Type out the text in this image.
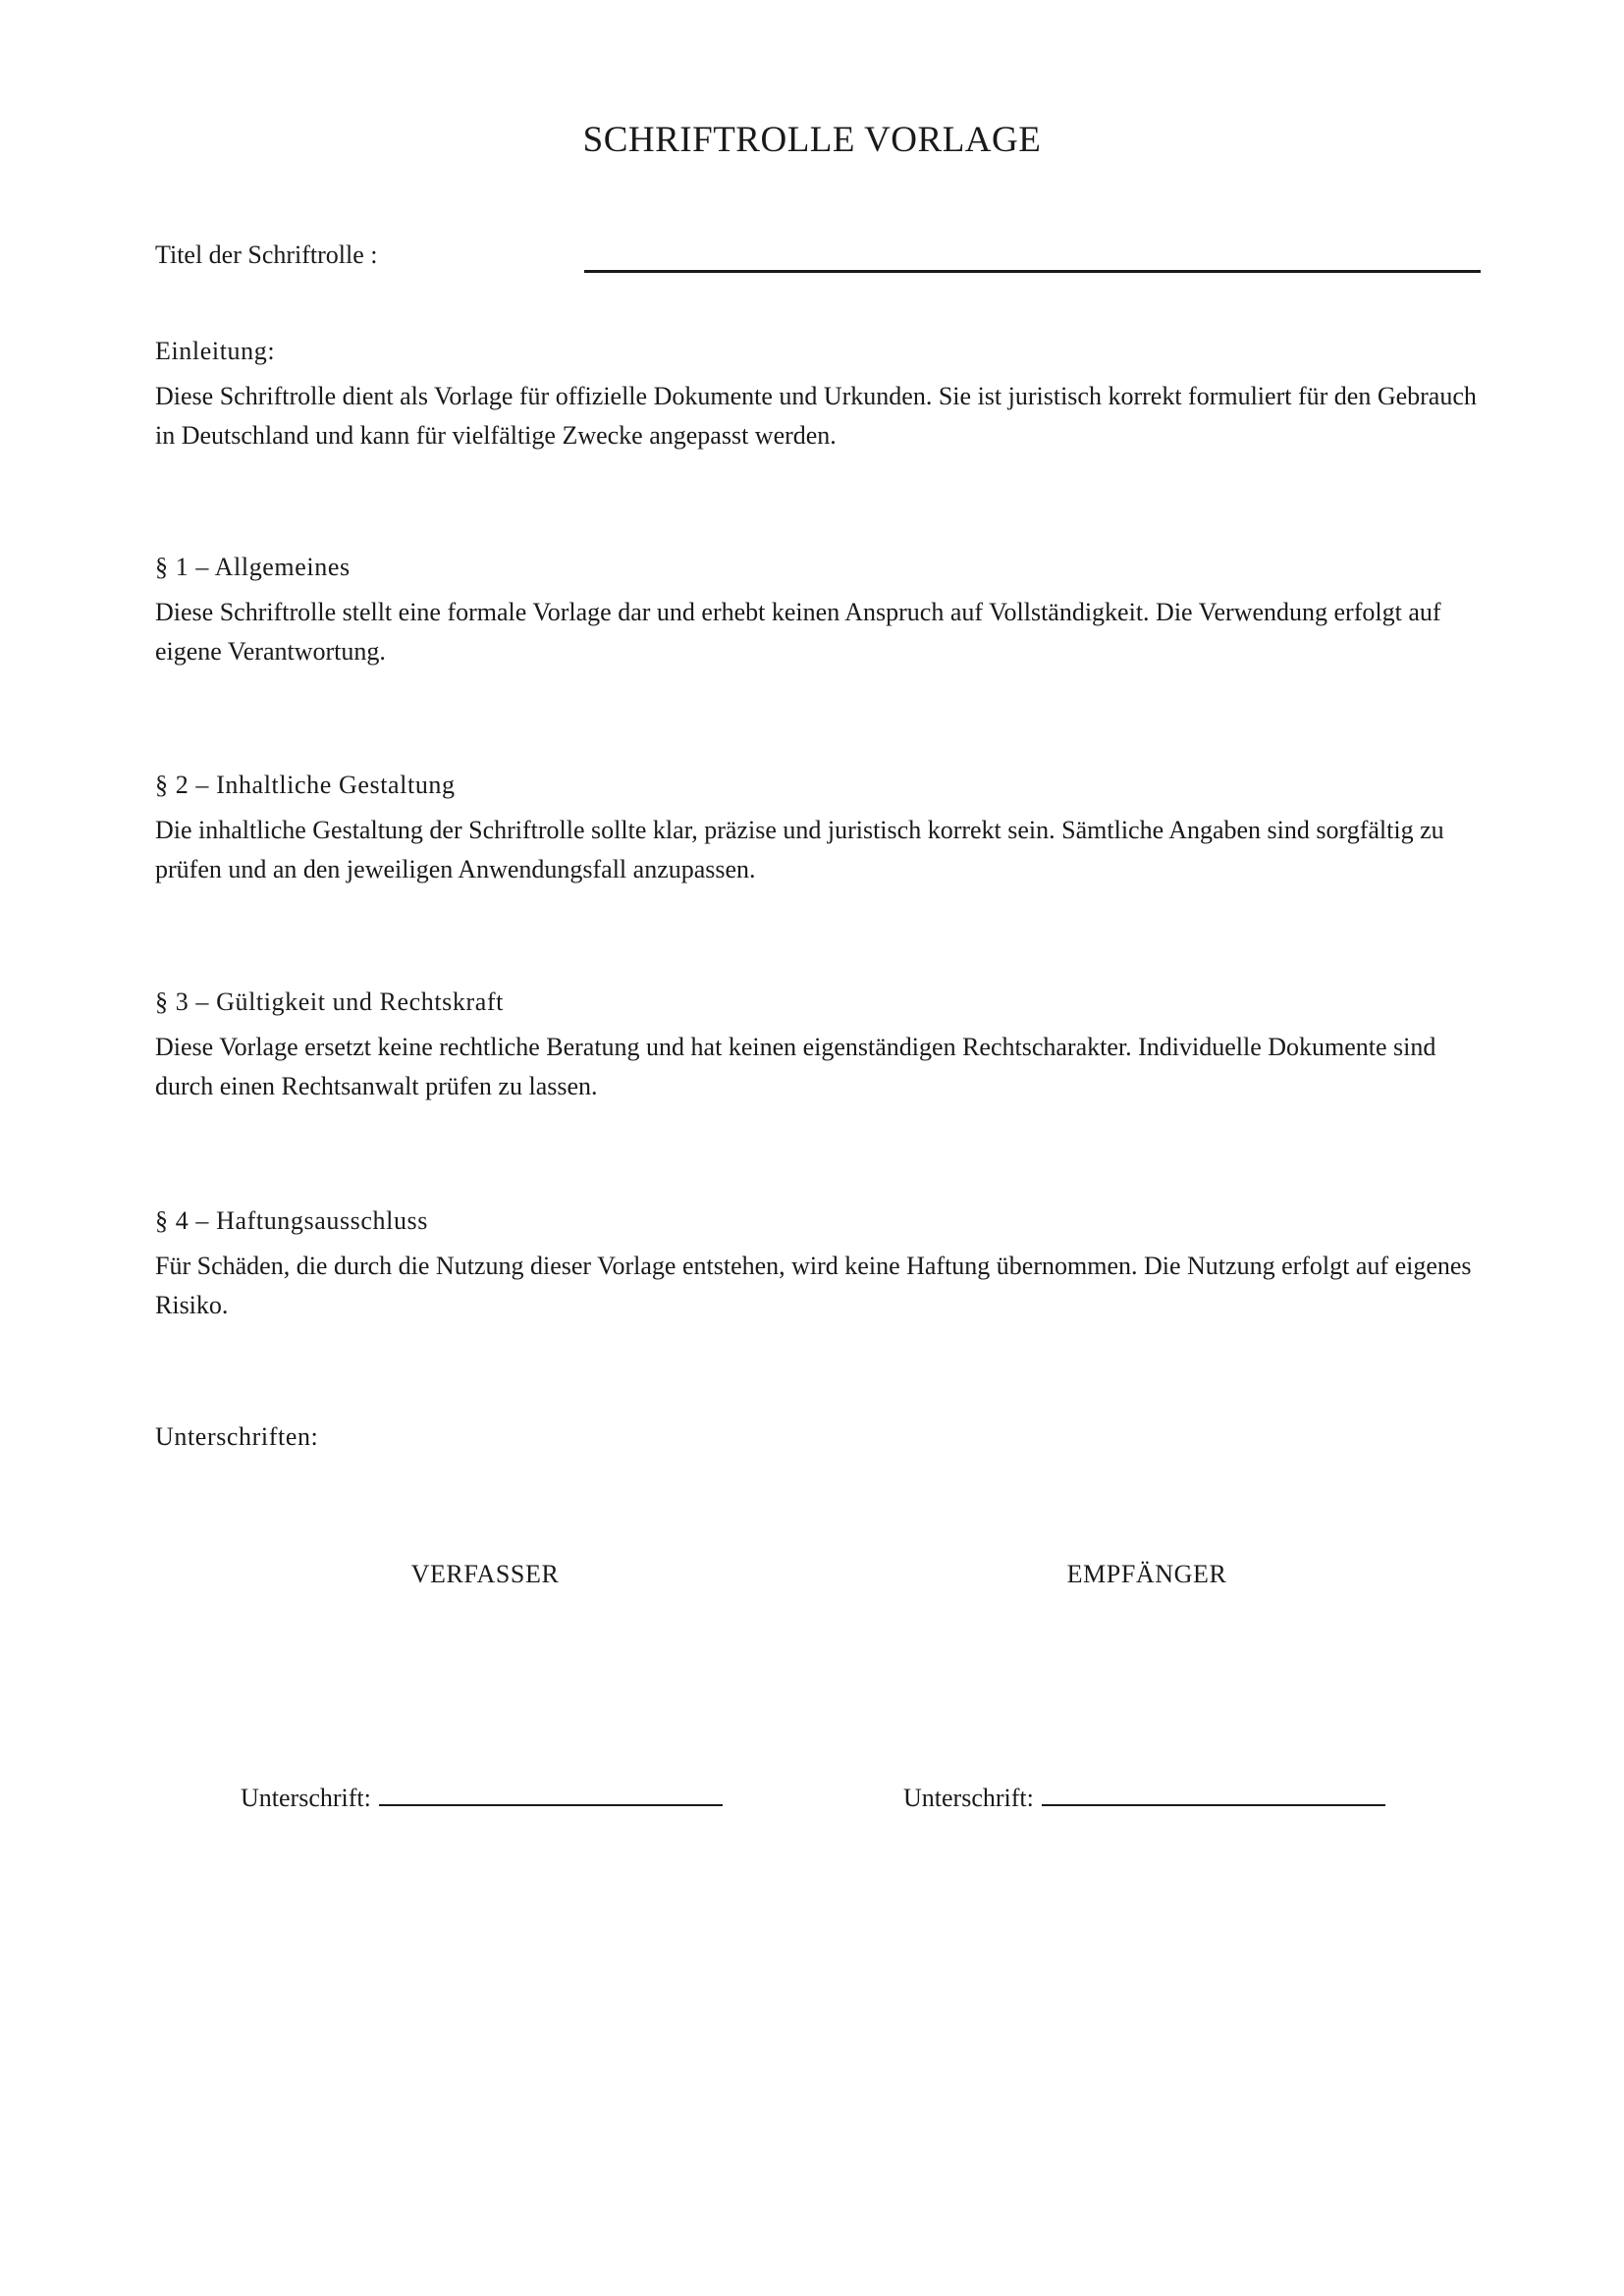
SCHRIFTROLLE VORLAGE
Titel der Schriftrolle :

Einleitung:

Diese Schriftrolle dient als Vorlage für offizielle Dokumente und Urkunden. Sie ist juristisch korrekt formuliert für den Gebrauch in Deutschland und kann für vielfältige Zwecke angepasst werden.

§ 1 – Allgemeines

Diese Schriftrolle stellt eine formale Vorlage dar und erhebt keinen Anspruch auf Vollständigkeit. Die Verwendung erfolgt auf eigene Verantwortung.

§ 2 – Inhaltliche Gestaltung

Die inhaltliche Gestaltung der Schriftrolle sollte klar, präzise und juristisch korrekt sein. Sämtliche Angaben sind sorgfältig zu prüfen und an den jeweiligen Anwendungsfall anzupassen.

§ 3 – Gültigkeit und Rechtskraft

Diese Vorlage ersetzt keine rechtliche Beratung und hat keinen eigenständigen Rechtscharakter. Individuelle Dokumente sind durch einen Rechtsanwalt prüfen zu lassen.

§ 4 – Haftungsausschluss

Für Schäden, die durch die Nutzung dieser Vorlage entstehen, wird keine Haftung übernommen. Die Nutzung erfolgt auf eigenes Risiko.

Unterschriften:
VERFASSER	EMPFÄNGER
Unterschrift:	Unterschrift:
